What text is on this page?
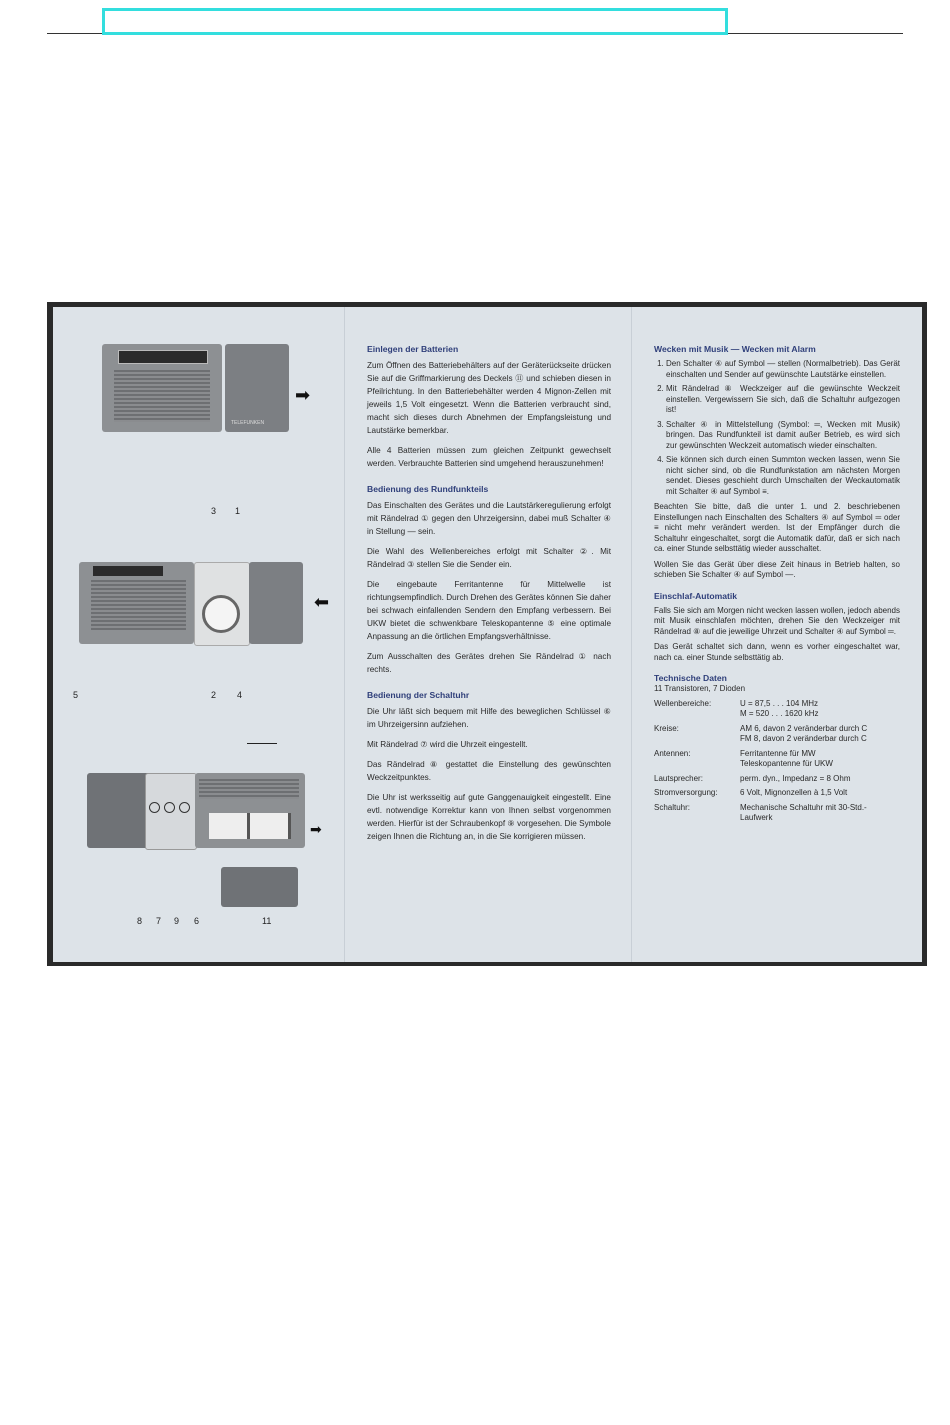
TELEFUNKEN
➡
3 1
⬅
5	2 4
➡
8 7 9 6	11
Einlegen der Batterien

Zum Öffnen des Batteriebehälters auf der Geräterückseite drücken Sie auf die Griffmarkierung des Deckels ⑪ und schieben diesen in Pfeilrichtung. In den Batteriebehälter werden 4 Mignon-Zellen mit jeweils 1,5 Volt eingesetzt. Wenn die Batterien verbraucht sind, macht sich dieses durch Abnehmen der Empfangsleistung und Lautstärke bemerkbar.

Alle 4 Batterien müssen zum gleichen Zeitpunkt gewechselt werden. Verbrauchte Batterien sind umgehend herauszunehmen!

Bedienung des Rundfunkteils

Das Einschalten des Gerätes und die Lautstärkeregulierung erfolgt mit Rändelrad ① gegen den Uhrzeigersinn, dabei muß Schalter ④ in Stellung — sein.

Die Wahl des Wellenbereiches erfolgt mit Schalter ②. Mit Rändelrad ③ stellen Sie die Sender ein.

Die eingebaute Ferritantenne für Mittelwelle ist richtungsempfindlich. Durch Drehen des Gerätes können Sie daher bei schwach einfallenden Sendern den Empfang verbessern. Bei UKW bietet die schwenkbare Teleskopantenne ⑤ eine optimale Anpassung an die örtlichen Empfangsverhältnisse.

Zum Ausschalten des Gerätes drehen Sie Rändelrad ① nach rechts.

Bedienung der Schaltuhr

Die Uhr läßt sich bequem mit Hilfe des beweglichen Schlüssel ⑥ im Uhrzeigersinn aufziehen.

Mit Rändelrad ⑦ wird die Uhrzeit eingestellt.

Das Rändelrad ⑧ gestattet die Einstellung des gewünschten Weckzeitpunktes.

Die Uhr ist werksseitig auf gute Ganggenauigkeit eingestellt. Eine evtl. notwendige Korrektur kann von Ihnen selbst vorgenommen werden. Hierfür ist der Schraubenkopf ⑨ vorgesehen. Die Symbole zeigen Ihnen die Richtung an, in die Sie korrigieren müssen.

Wecken mit Musik — Wecken mit Alarm
1. Den Schalter ④ auf Symbol — stellen (Normalbetrieb). Das Gerät einschalten und Sender auf gewünschte Lautstärke einstellen.
2. Mit Rändelrad ⑧ Weckzeiger auf die gewünschte Weckzeit einstellen. Vergewissern Sie sich, daß die Schaltuhr aufgezogen ist!
3. Schalter ④ in Mittelstellung (Symbol: ═, Wecken mit Musik) bringen. Das Rundfunkteil ist damit außer Betrieb, es wird sich zur gewünschten Weckzeit automatisch wieder einschalten.
4. Sie können sich durch einen Summton wecken lassen, wenn Sie nicht sicher sind, ob die Rundfunkstation am nächsten Morgen sendet. Dieses geschieht durch Umschalten der Weckautomatik mit Schalter ④ auf Symbol ≡.

Beachten Sie bitte, daß die unter 1. und 2. beschriebenen Einstellungen nach Einschalten des Schalters ④ auf Symbol ═ oder ≡ nicht mehr verändert werden. Ist der Empfänger durch die Schaltuhr eingeschaltet, sorgt die Automatik dafür, daß er sich nach ca. einer Stunde selbsttätig wieder ausschaltet.

Wollen Sie das Gerät über diese Zeit hinaus in Betrieb halten, so schieben Sie Schalter ④ auf Symbol —.

Einschlaf-Automatik

Falls Sie sich am Morgen nicht wecken lassen wollen, jedoch abends mit Musik einschlafen möchten, drehen Sie den Weckzeiger mit Rändelrad ⑧ auf die jeweilige Uhrzeit und Schalter ④ auf Symbol ═.

Das Gerät schaltet sich dann, wenn es vorher eingeschaltet war, nach ca. einer Stunde selbsttätig ab.

Technische Daten
11 Transistoren, 7 Dioden
Wellenbereiche:	U = 87,5 . . . 104 MHz
M = 520 . . . 1620 kHz
Kreise:	AM 6, davon 2 veränderbar durch C
FM 8, davon 2 veränderbar durch C
Antennen:	Ferritantenne für MW
Teleskopantenne für UKW
Lautsprecher:	perm. dyn., Impedanz = 8 Ohm
Stromversorgung:	6 Volt, Mignonzellen à 1,5 Volt
Schaltuhr:	Mechanische Schaltuhr mit 30-Std.-
Laufwerk
